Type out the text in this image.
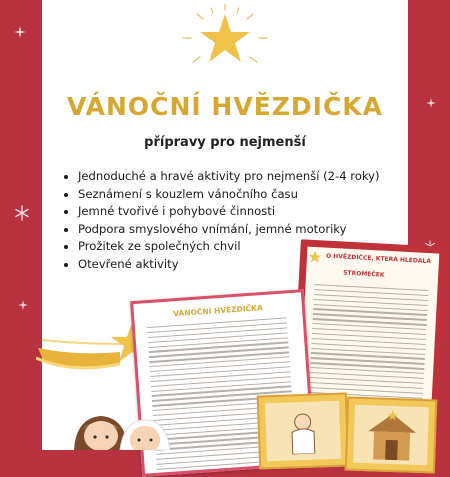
VÁNOČNÍ HVĚZDIČKA
přípravy pro nejmenší
• Jednoduché a hravé aktivity pro nejmenší (2-4 roky)
• Seznámení s kouzlem vánočního času
• Jemné tvořivé i pohybové činnosti
• Podpora smyslového vnímání, jemné motoriky
• Prožitek ze společných chvil
• Otevřené aktivity	O HVĚZDIČCE, KTERÁ HLEDALA
STROMEČEK
VÁNOČNÍ HVĚZDIČKA
